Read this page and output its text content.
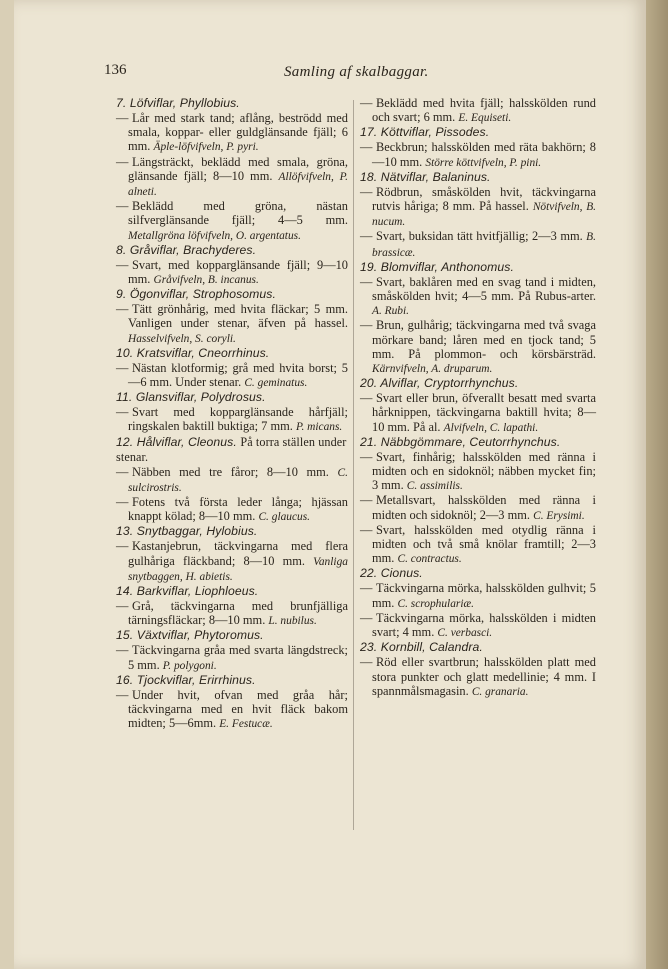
136	Samling af skalbaggar.
7. Löfviflar, Phyllobius.
— Lår med stark tand; aflång, beströdd med smala, koppar- eller guldglänsande fjäll; 6 mm. Äple-löfvifveln, P. pyri.
— Längsträckt, beklädd med smala, gröna, glänsande fjäll; 8—10 mm. Allöfvifveln, P. alneti.
— Beklädd med gröna, nästan silfverglänsande fjäll; 4—5 mm. Metallgröna löfvifveln, O. argentatus.
8. Gråviflar, Brachyderes.
— Svart, med kopparglänsande fjäll; 9—10 mm. Gråvifveln, B. incanus.
9. Ögonviflar, Strophosomus.
— Tätt grönhårig, med hvita fläckar; 5 mm. Vanligen under stenar, äfven på hassel. Hasselvifveln, S. coryli.
10. Kratsviflar, Cneorrhinus.
— Nästan klotformig; grå med hvita borst; 5—6 mm. Under stenar. C. geminatus.
11. Glansviflar, Polydrosus.
— Svart med kopparglänsande hårfjäll; ringskalen baktill buktiga; 7 mm. P. micans.
12. Hålviflar, Cleonus. På torra ställen under stenar.
— Näbben med tre fåror; 8—10 mm. C. sulcirostris.
— Fotens två första leder långa; hjässan knappt kölad; 8—10 mm. C. glaucus.
13. Snytbaggar, Hylobius.
— Kastanjebrun, täckvingarna med flera gulhåriga fläckband; 8—10 mm. Vanliga snytbaggen, H. abietis.
14. Barkviflar, Liophloeus.
— Grå, täckvingarna med brunfjälliga tärningsfläckar; 8—10 mm. L. nubilus.
15. Växtviflar, Phytoromus.
— Täckvingarna gråa med svarta längdstreck; 5 mm. P. polygoni.
16. Tjockviflar, Erirrhinus.
— Under hvit, ofvan med gråa hår; täckvingarna med en hvit fläck bakom midten; 5—6mm. E. Festucæ.
— Beklädd med hvita fjäll; halsskölden rund och svart; 6 mm. E. Equiseti.
17. Köttviflar, Pissodes.
— Beckbrun; halsskölden med räta bakhörn; 8—10 mm. Större köttvifveln, P. pini.
18. Nätviflar, Balaninus.
— Rödbrun, småskölden hvit, täckvingarna rutvis håriga; 8 mm. På hassel. Nötvifveln, B. nucum.
— Svart, buksidan tätt hvitfjällig; 2—3 mm. B. brassicæ.
19. Blomviflar, Anthonomus.
— Svart, baklåren med en svag tand i midten, småskölden hvit; 4—5 mm. På Rubus-arter. A. Rubi.
— Brun, gulhårig; täckvingarna med två svaga mörkare band; låren med en tjock tand; 5 mm. På plommon- och körsbärsträd. Kärnvifveln, A. druparum.
20. Alviflar, Cryptorrhynchus.
— Svart eller brun, öfverallt besatt med svarta hårknippen, täckvingarna baktill hvita; 8—10 mm. På al. Alvifveln, C. lapathi.
21. Näbbgömmare, Ceutorrhynchus.
— Svart, finhårig; halsskölden med ränna i midten och en sidoknöl; näbben mycket fin; 3 mm. C. assimilis.
— Metallsvart, halsskölden med ränna i midten och sidoknöl; 2—3 mm. C. Erysimi.
— Svart, halsskölden med otydlig ränna i midten och två små knölar framtill; 2—3 mm. C. contractus.
22. Cionus.
— Täckvingarna mörka, halsskölden gulhvit; 5 mm. C. scrophulariæ.
— Täckvingarna mörka, halsskölden i midten svart; 4 mm. C. verbasci.
23. Kornbill, Calandra.
— Röd eller svartbrun; halsskölden platt med stora punkter och glatt medellinie; 4 mm. I spannmålsmagasin. C. granaria.
